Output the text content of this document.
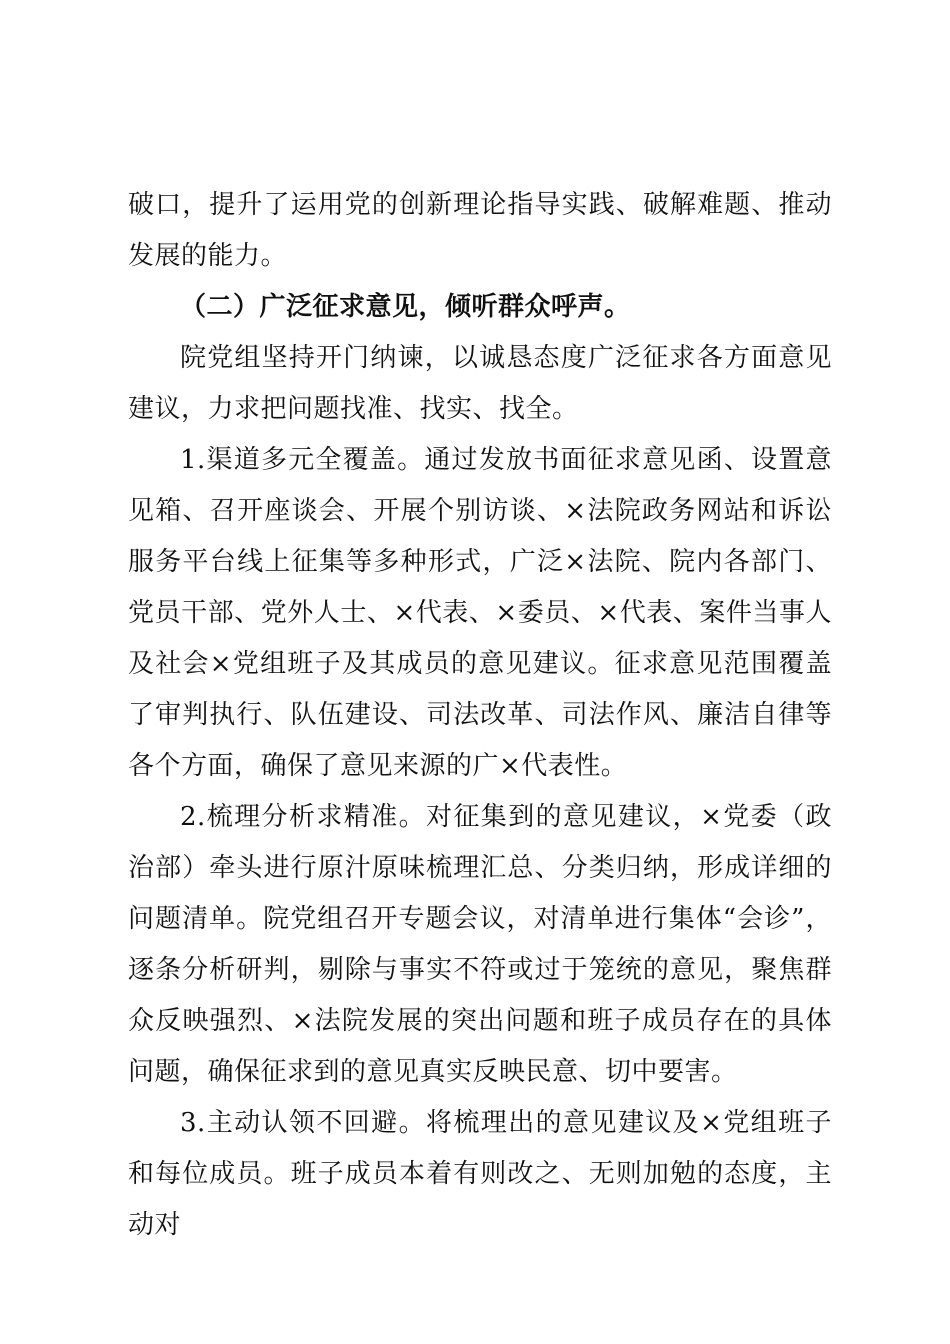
破口，提升了运用党的创新理论指导实践、破解难题、推动发展的能力。

（二）广泛征求意见，倾听群众呼声。

院党组坚持开门纳谏，以诚恳态度广泛征求各方面意见建议，力求把问题找准、找实、找全。

1.渠道多元全覆盖。通过发放书面征求意见函、设置意见箱、召开座谈会、开展个别访谈、×法院政务网站和诉讼服务平台线上征集等多种形式，广泛×法院、院内各部门、党员干部、党外人士、×代表、×委员、×代表、案件当事人及社会×党组班子及其成员的意见建议。征求意见范围覆盖了审判执行、队伍建设、司法改革、司法作风、廉洁自律等各个方面，确保了意见来源的广×代表性。

2.梳理分析求精准。对征集到的意见建议，×党委（政治部）牵头进行原汁原味梳理汇总、分类归纳，形成详细的问题清单。院党组召开专题会议，对清单进行集体“会诊”，逐条分析研判，剔除与事实不符或过于笼统的意见，聚焦群众反映强烈、×法院发展的突出问题和班子成员存在的具体问题，确保征求到的意见真实反映民意、切中要害。

3.主动认领不回避。将梳理出的意见建议及×党组班子和每位成员。班子成员本着有则改之、无则加勉的态度，主动对
